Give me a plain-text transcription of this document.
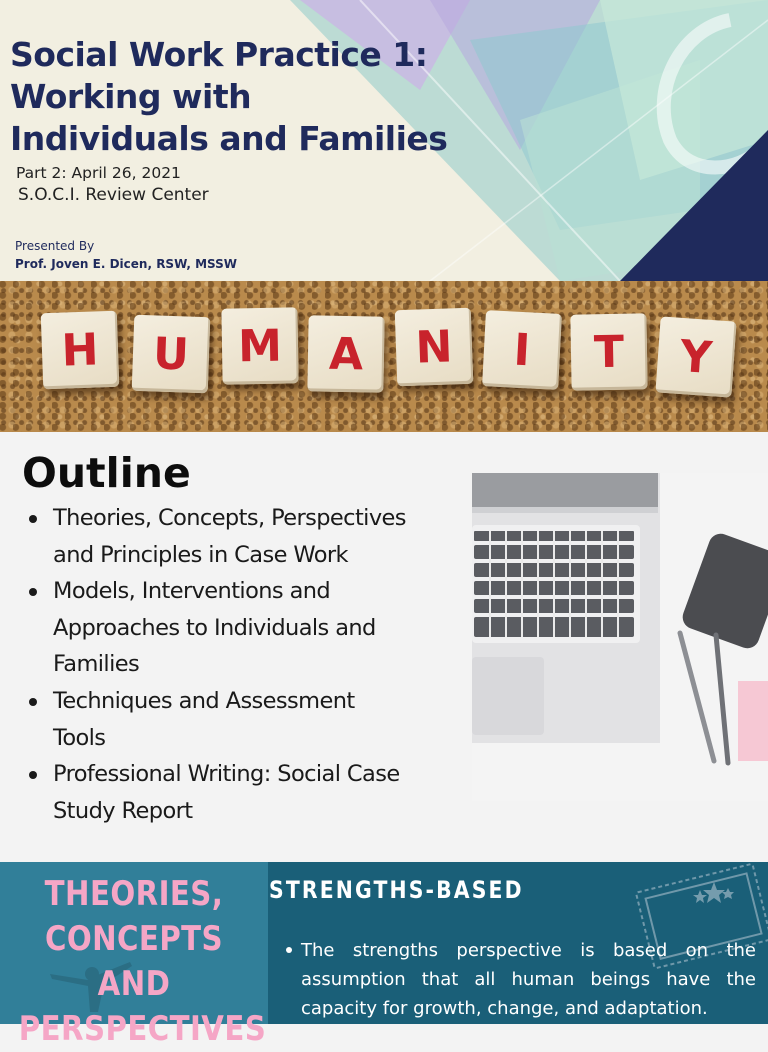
Social Work Practice 1:
Working with
Individuals and Families
Part 2: April 26, 2021
S.O.C.I. Review Center
Presented By
Prof. Joven E. Dicen, RSW, MSSW
H	U	M	A	N	I	T	Y
Outline
Theories, Concepts, Perspectives
and Principles in Case Work
Models, Interventions and
Approaches to Individuals and
Families
Techniques and Assessment
Tools
Professional Writing: Social Case
Study Report
THEORIES,
CONCEPTS
AND
PERSPECTIVES
STRENGTHS-BASED
The strengths perspective is based on the
assumption that all human beings have the
capacity for growth, change, and adaptation.
